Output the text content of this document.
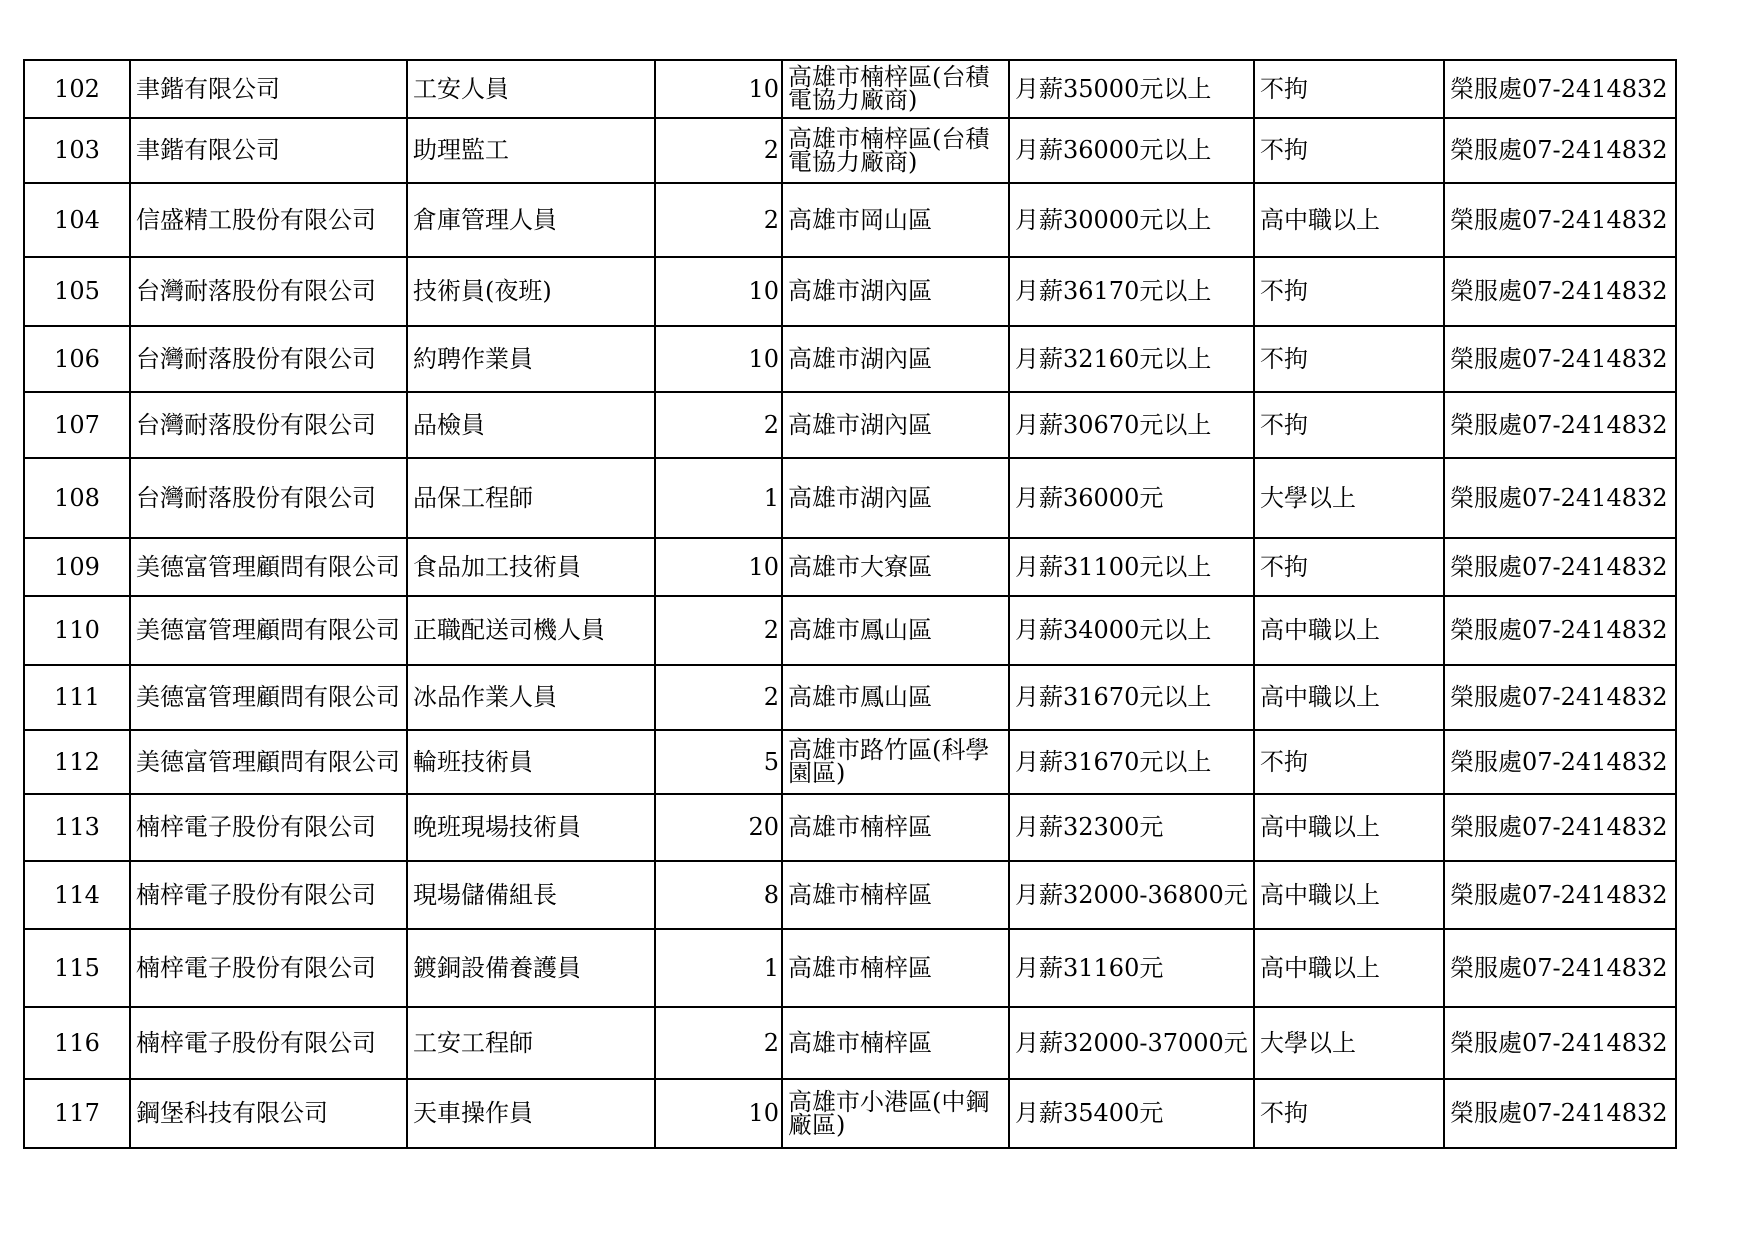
102	聿鍇有限公司	工安人員	10	高雄市楠梓區(台積電協力廠商)	月薪35000元以上	不拘	榮服處07-2414832
103	聿鍇有限公司	助理監工	2	高雄市楠梓區(台積電協力廠商)	月薪36000元以上	不拘	榮服處07-2414832
104	信盛精工股份有限公司	倉庫管理人員	2	高雄市岡山區	月薪30000元以上	高中職以上	榮服處07-2414832
105	台灣耐落股份有限公司	技術員(夜班)	10	高雄市湖內區	月薪36170元以上	不拘	榮服處07-2414832
106	台灣耐落股份有限公司	約聘作業員	10	高雄市湖內區	月薪32160元以上	不拘	榮服處07-2414832
107	台灣耐落股份有限公司	品檢員	2	高雄市湖內區	月薪30670元以上	不拘	榮服處07-2414832
108	台灣耐落股份有限公司	品保工程師	1	高雄市湖內區	月薪36000元	大學以上	榮服處07-2414832
109	美德富管理顧問有限公司	食品加工技術員	10	高雄市大寮區	月薪31100元以上	不拘	榮服處07-2414832
110	美德富管理顧問有限公司	正職配送司機人員	2	高雄市鳳山區	月薪34000元以上	高中職以上	榮服處07-2414832
111	美德富管理顧問有限公司	冰品作業人員	2	高雄市鳳山區	月薪31670元以上	高中職以上	榮服處07-2414832
112	美德富管理顧問有限公司	輪班技術員	5	高雄市路竹區(科學園區)	月薪31670元以上	不拘	榮服處07-2414832
113	楠梓電子股份有限公司	晚班現場技術員	20	高雄市楠梓區	月薪32300元	高中職以上	榮服處07-2414832
114	楠梓電子股份有限公司	現場儲備組長	8	高雄市楠梓區	月薪32000-36800元	高中職以上	榮服處07-2414832
115	楠梓電子股份有限公司	鍍銅設備養護員	1	高雄市楠梓區	月薪31160元	高中職以上	榮服處07-2414832
116	楠梓電子股份有限公司	工安工程師	2	高雄市楠梓區	月薪32000-37000元	大學以上	榮服處07-2414832
117	鋼堡科技有限公司	天車操作員	10	高雄市小港區(中鋼廠區)	月薪35400元	不拘	榮服處07-2414832
